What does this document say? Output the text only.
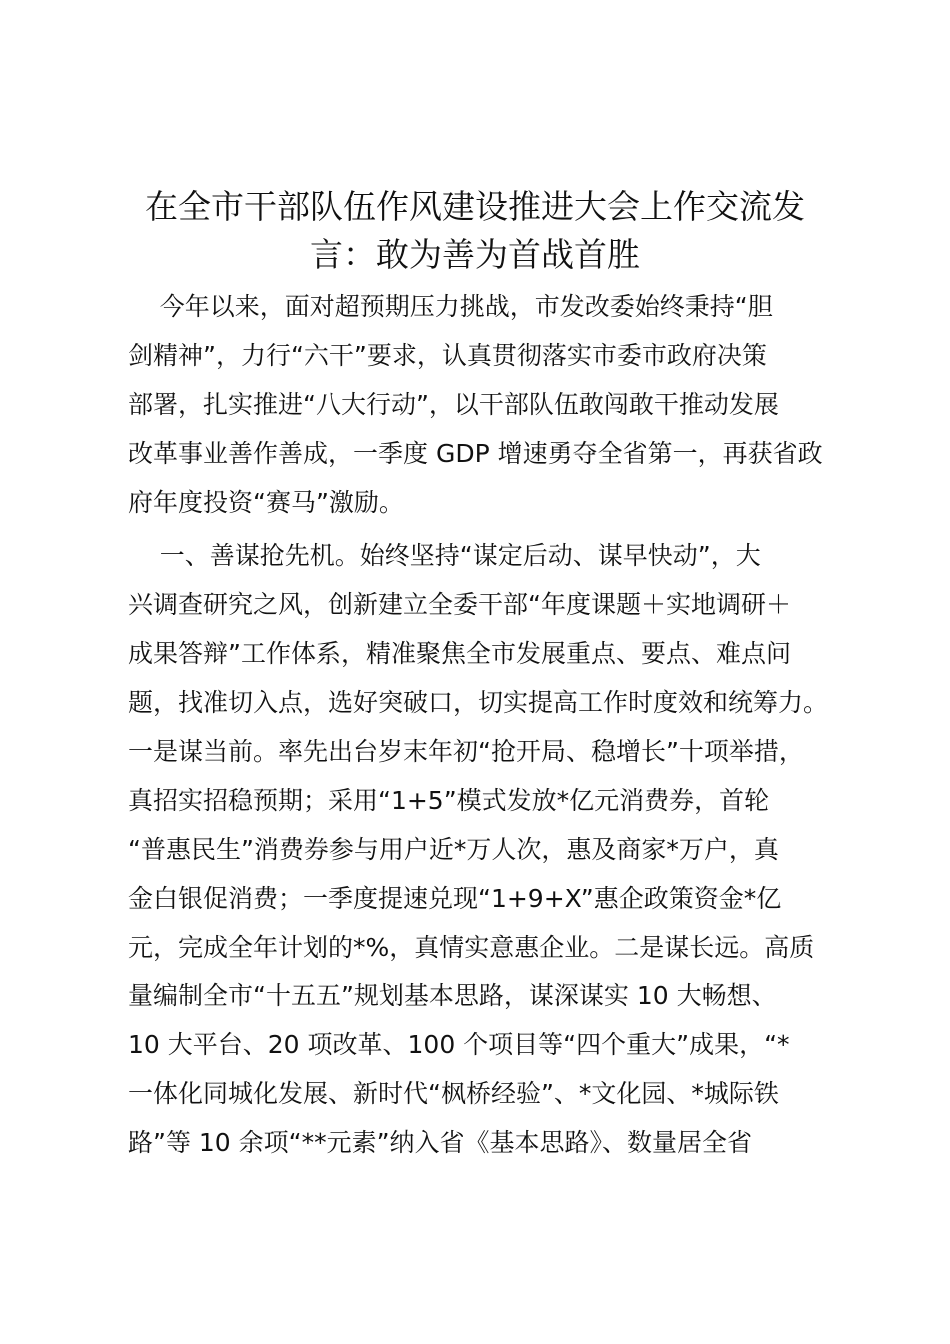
在全市干部队伍作风建设推进大会上作交流发
言：敢为善为首战首胜
今年以来，面对超预期压力挑战，市发改委始终秉持“胆
剑精神”，力行“六干”要求，认真贯彻落实市委市政府决策
部署，扎实推进“八大行动”，以干部队伍敢闯敢干推动发展
改革事业善作善成，一季度 GDP 增速勇夺全省第一，再获省政
府年度投资“赛马”激励。
一、善谋抢先机。始终坚持“谋定后动、谋早快动”，大
兴调查研究之风，创新建立全委干部“年度课题＋实地调研＋
成果答辩”工作体系，精准聚焦全市发展重点、要点、难点问
题，找准切入点，选好突破口，切实提高工作时度效和统筹力。
一是谋当前。率先出台岁末年初“抢开局、稳增长”十项举措，
真招实招稳预期；采用“1+5”模式发放*亿元消费券，首轮
“普惠民生”消费券参与用户近*万人次，惠及商家*万户，真
金白银促消费；一季度提速兑现“1+9+X”惠企政策资金*亿
元，完成全年计划的*%，真情实意惠企业。二是谋长远。高质
量编制全市“十五五”规划基本思路，谋深谋实 10 大畅想、
10 大平台、20 项改革、100 个项目等“四个重大”成果，“*
一体化同城化发展、新时代“枫桥经验”、*文化园、*城际铁
路”等 10 余项“**元素”纳入省《基本思路》、数量居全省
